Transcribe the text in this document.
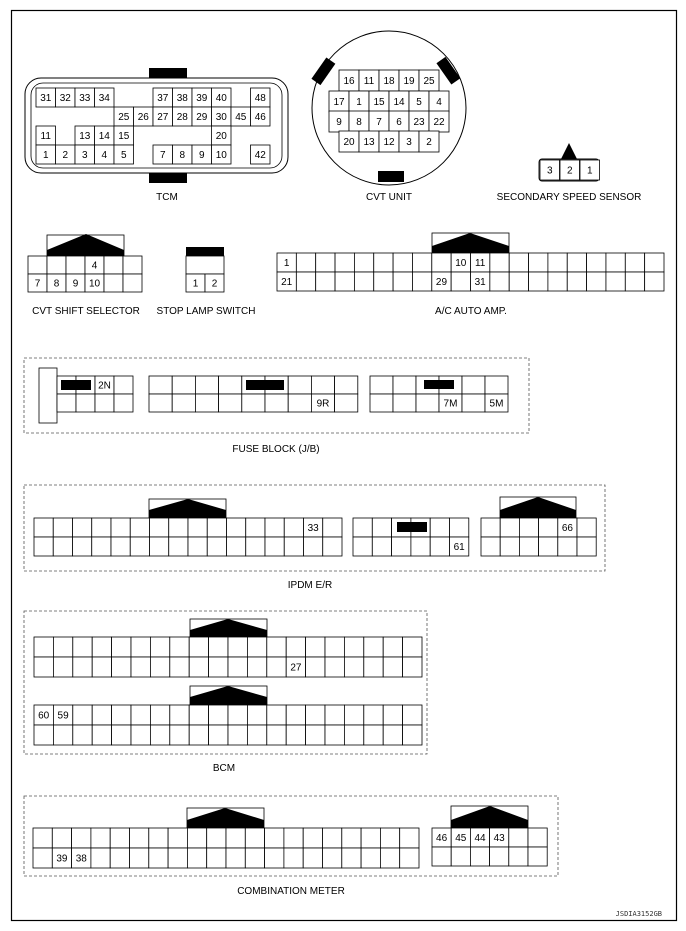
31 32 33 34	37 38 39 40	48
25 26 27 28 29 30 45 46
11	13 14 15	20
1 2 3 4 5	7 8 9 10	42
TCM
16 11 18 19 25
17 1 15 14 5 4
9 8 7 6 23 22
20 13 12 3 2
CVT UNIT
3 2 1
SECONDARY SPEED SENSOR
4
7 8 9 10
CVT SHIFT SELECTOR
1 2
STOP LAMP SWITCH
1	10 11
21	29	31
A/C AUTO AMP.
2N
9R	7M	5M
FUSE BLOCK (J/B)
33
61
66
IPDM E/R
27
60 59
BCM
39 38
46 45 44 43
COMBINATION METER
JSDIA3152GB
